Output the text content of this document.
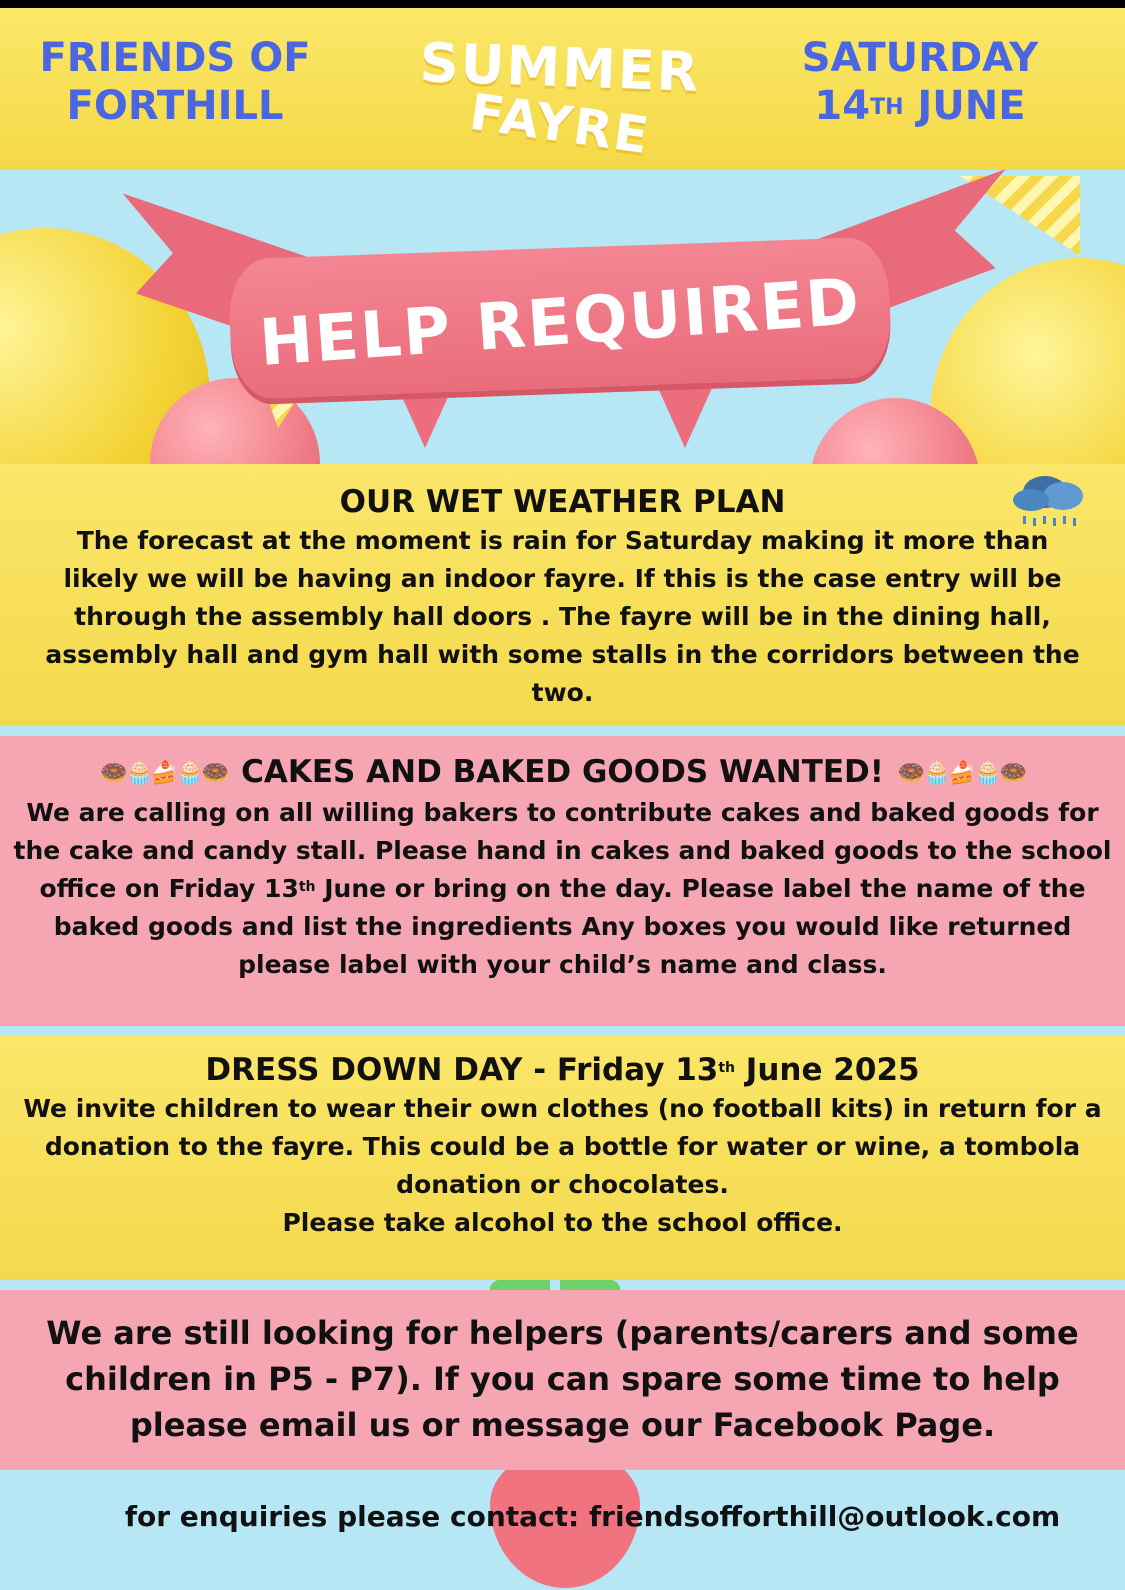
FRIENDS OF
FORTHILL
SUMMER
FAYRE
SATURDAY
14TH JUNE
HELP REQUIRED
OUR WET WEATHER PLAN

The forecast at the moment is rain for Saturday making it more than likely we will be having an indoor fayre. If this is the case entry will be through the assembly hall doors . The fayre will be in the dining hall, assembly hall and gym hall with some stalls in the corridors between the two.

🍩🧁🍰🧁🍩 CAKES AND BAKED GOODS WANTED! 🍩🧁🍰🧁🍩

We are calling on all willing bakers to contribute cakes and baked goods for the cake and candy stall. Please hand in cakes and baked goods to the school office on Friday 13th June or bring on the day. Please label the name of the baked goods and list the ingredients Any boxes you would like returned please label with your child’s name and class.

DRESS DOWN DAY - Friday 13th June 2025

We invite children to wear their own clothes (no football kits) in return for a donation to the fayre. This could be a bottle for water or wine, a tombola donation or chocolates.

Please take alcohol to the school office.

We are still looking for helpers (parents/carers and some children in P5 - P7). If you can spare some time to help please email us or message our Facebook Page.

for enquiries please contact: friendsofforthill@outlook.com
